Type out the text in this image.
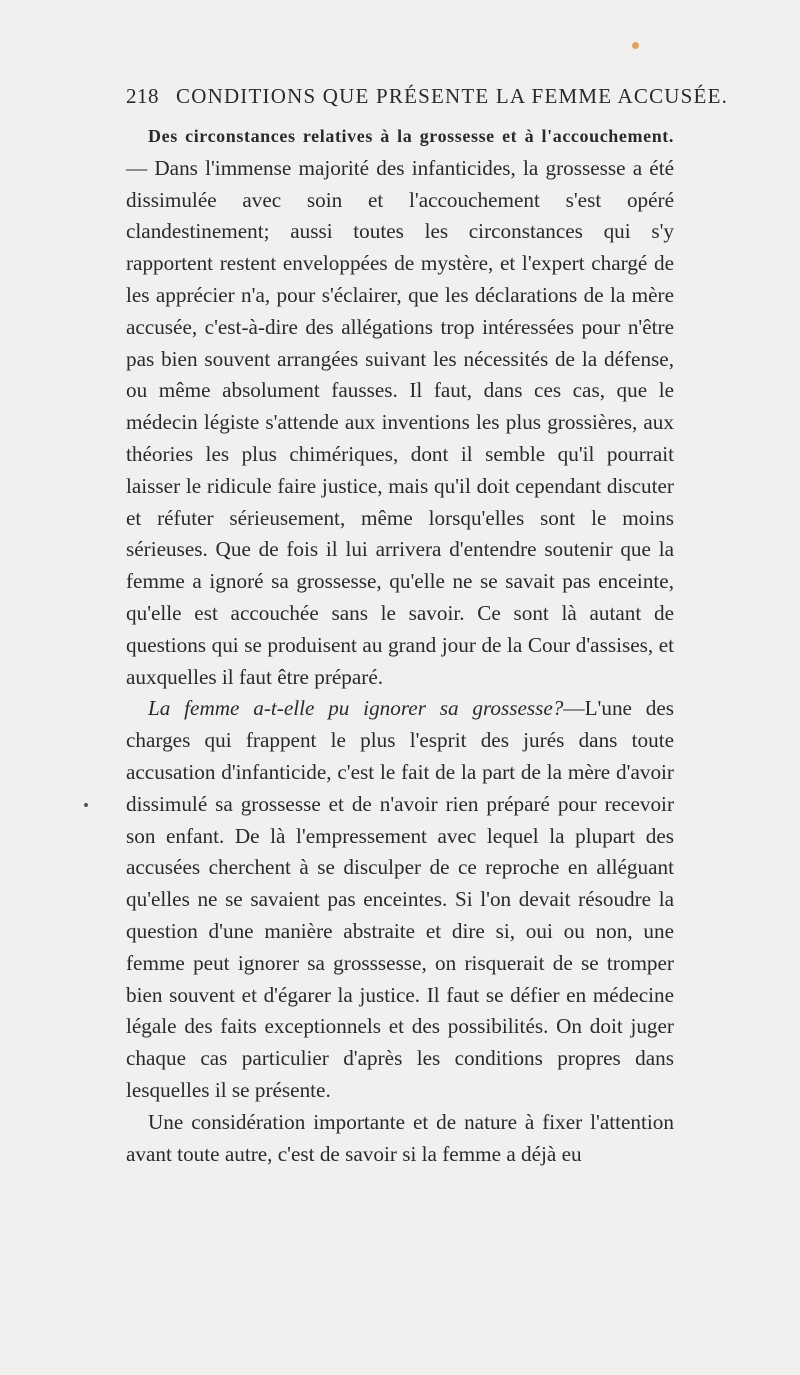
218 CONDITIONS QUE PRÉSENTE LA FEMME ACCUSÉE.

Des circonstances relatives à la grossesse et à l'accouchement. — Dans l'immense majorité des infanticides, la grossesse a été dissimulée avec soin et l'accouchement s'est opéré clandestinement; aussi toutes les circonstances qui s'y rapportent restent enveloppées de mystère, et l'expert chargé de les apprécier n'a, pour s'éclairer, que les déclarations de la mère accusée, c'est-à-dire des allégations trop intéressées pour n'être pas bien souvent arrangées suivant les nécessités de la défense, ou même absolument fausses. Il faut, dans ces cas, que le médecin légiste s'attende aux inventions les plus grossières, aux théories les plus chimériques, dont il semble qu'il pourrait laisser le ridicule faire justice, mais qu'il doit cependant discuter et réfuter sérieusement, même lorsqu'elles sont le moins sérieuses. Que de fois il lui arrivera d'entendre soutenir que la femme a ignoré sa grossesse, qu'elle ne se savait pas enceinte, qu'elle est accouchée sans le savoir. Ce sont là autant de questions qui se produisent au grand jour de la Cour d'assises, et auxquelles il faut être préparé.

La femme a-t-elle pu ignorer sa grossesse?—L'une des charges qui frappent le plus l'esprit des jurés dans toute accusation d'infanticide, c'est le fait de la part de la mère d'avoir dissimulé sa grossesse et de n'avoir rien préparé pour recevoir son enfant. De là l'empressement avec lequel la plupart des accusées cherchent à se disculper de ce reproche en alléguant qu'elles ne se savaient pas enceintes. Si l'on devait résoudre la question d'une manière abstraite et dire si, oui ou non, une femme peut ignorer sa grosssesse, on risquerait de se tromper bien souvent et d'égarer la justice. Il faut se défier en médecine légale des faits exceptionnels et des possibilités. On doit juger chaque cas particulier d'après les conditions propres dans lesquelles il se présente.

Une considération importante et de nature à fixer l'attention avant toute autre, c'est de savoir si la femme a déjà eu
